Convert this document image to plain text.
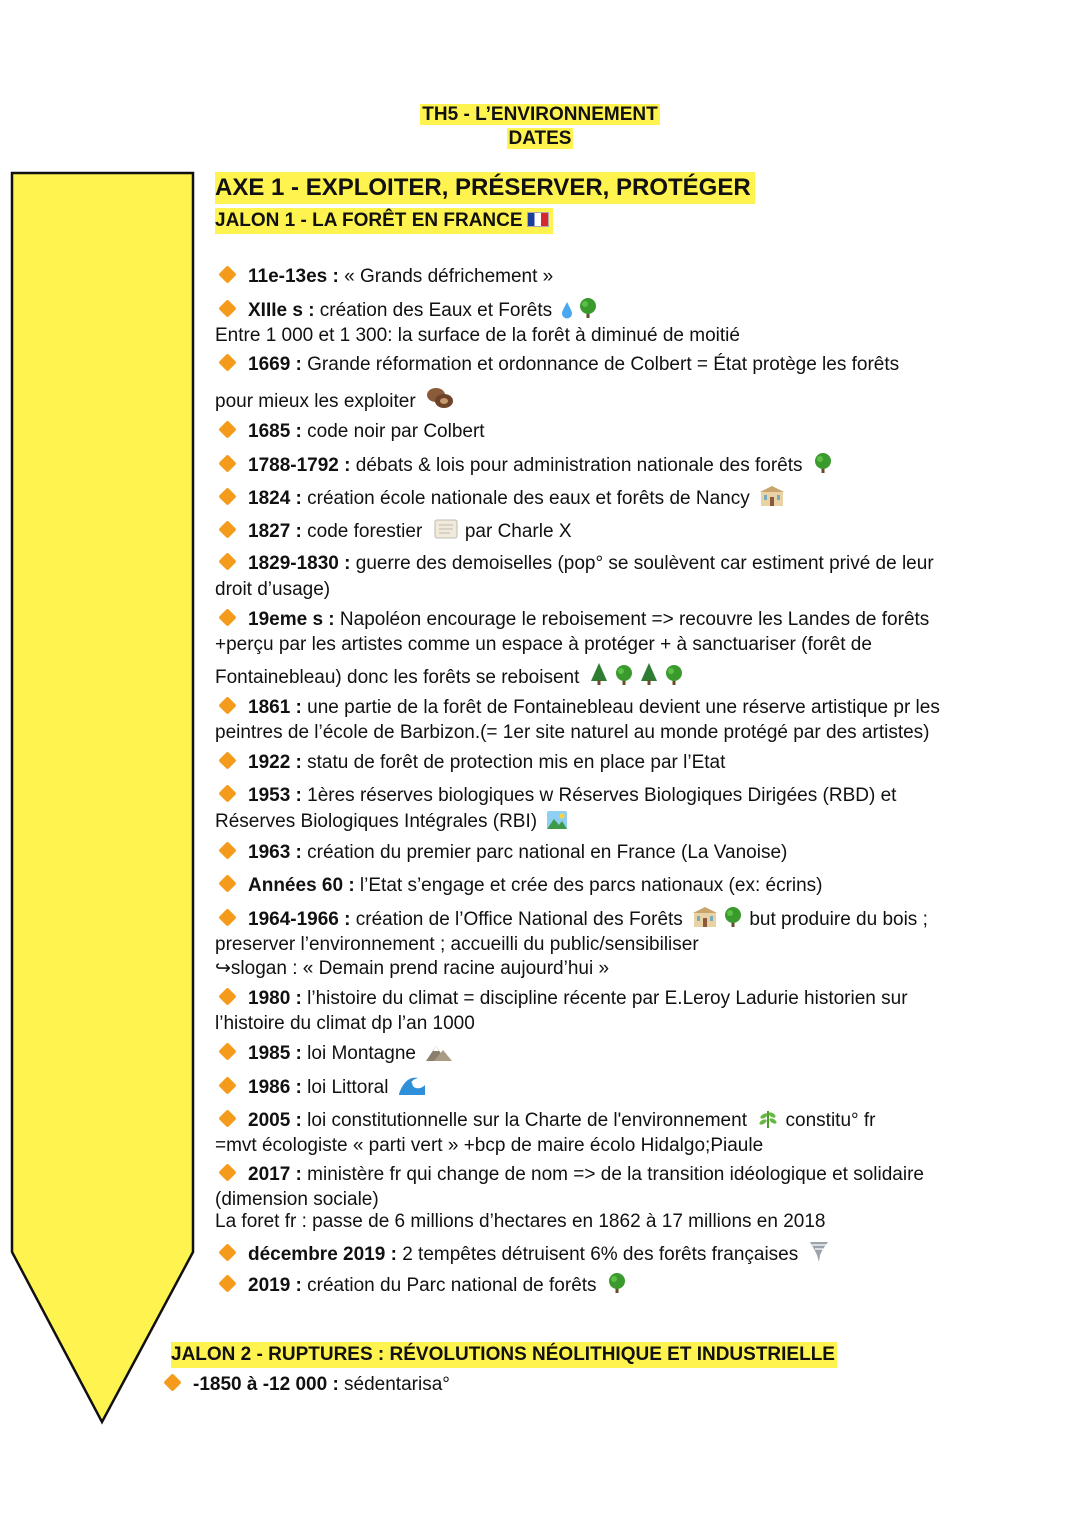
TH5 - L’ENVIRONNEMENT
DATES
AXE 1 - EXPLOITER, PRÉSERVER, PROTÉGER
JALON 1 - LA FORÊT EN FRANCE
11e-13es : « Grands défrichement »
XIIIe s : création des Eaux et Forêts
Entre 1 000 et 1 300: la surface de la forêt à diminué de moitié
1669 : Grande réformation et ordonnance de Colbert = État protège les forêts
pour mieux les exploiter
1685 : code noir par Colbert
1788-1792 : débats & lois pour administration nationale des forêts
1824 : création école nationale des eaux et forêts de Nancy
1827 : code forestier  par Charle X
1829-1830 : guerre des demoiselles (pop° se soulèvent car estiment privé de leur
droit d’usage)
19eme s : Napoléon encourage le reboisement => recouvre les Landes de forêts
+perçu par les artistes comme un espace à protéger + à sanctuariser (forêt de
Fontainebleau) donc les forêts se reboisent
1861 : une partie de la forêt de Fontainebleau devient une réserve artistique pr les
peintres de l’école de Barbizon.(= 1er site naturel au monde protégé par des artistes)
1922 : statu de forêt de protection mis en place par l’Etat
1953 : 1ères réserves biologiques w Réserves Biologiques Dirigées (RBD) et
Réserves Biologiques Intégrales (RBI)
1963 : création du premier parc national en France (La Vanoise)
Années 60 : l’Etat s’engage et crée des parcs nationaux (ex: écrins)
1964-1966 : création de l’Office National des Forêts	but produire du bois ;
preserver l’environnement ; accueilli du public/sensibiliser
↪slogan : « Demain prend racine aujourd’hui »
1980 : l’histoire du climat = discipline récente par E.Leroy Ladurie historien sur
l’histoire du climat dp l’an 1000
1985 : loi Montagne
1986 : loi Littoral
2005 : loi constitutionnelle sur la Charte de l'environnement  constitu° fr
=mvt écologiste « parti vert » +bcp de maire écolo Hidalgo;Piaule
2017 : ministère fr qui change de nom => de la transition idéologique et solidaire
(dimension sociale)
La foret fr : passe de 6 millions d’hectares en 1862 à 17 millions en 2018
décembre 2019 : 2 tempêtes détruisent 6% des forêts françaises
2019 : création du Parc national de forêts
JALON 2 - RUPTURES : RÉVOLUTIONS NÉOLITHIQUE ET INDUSTRIELLE
-1850 à -12 000 : sédentarisa°
